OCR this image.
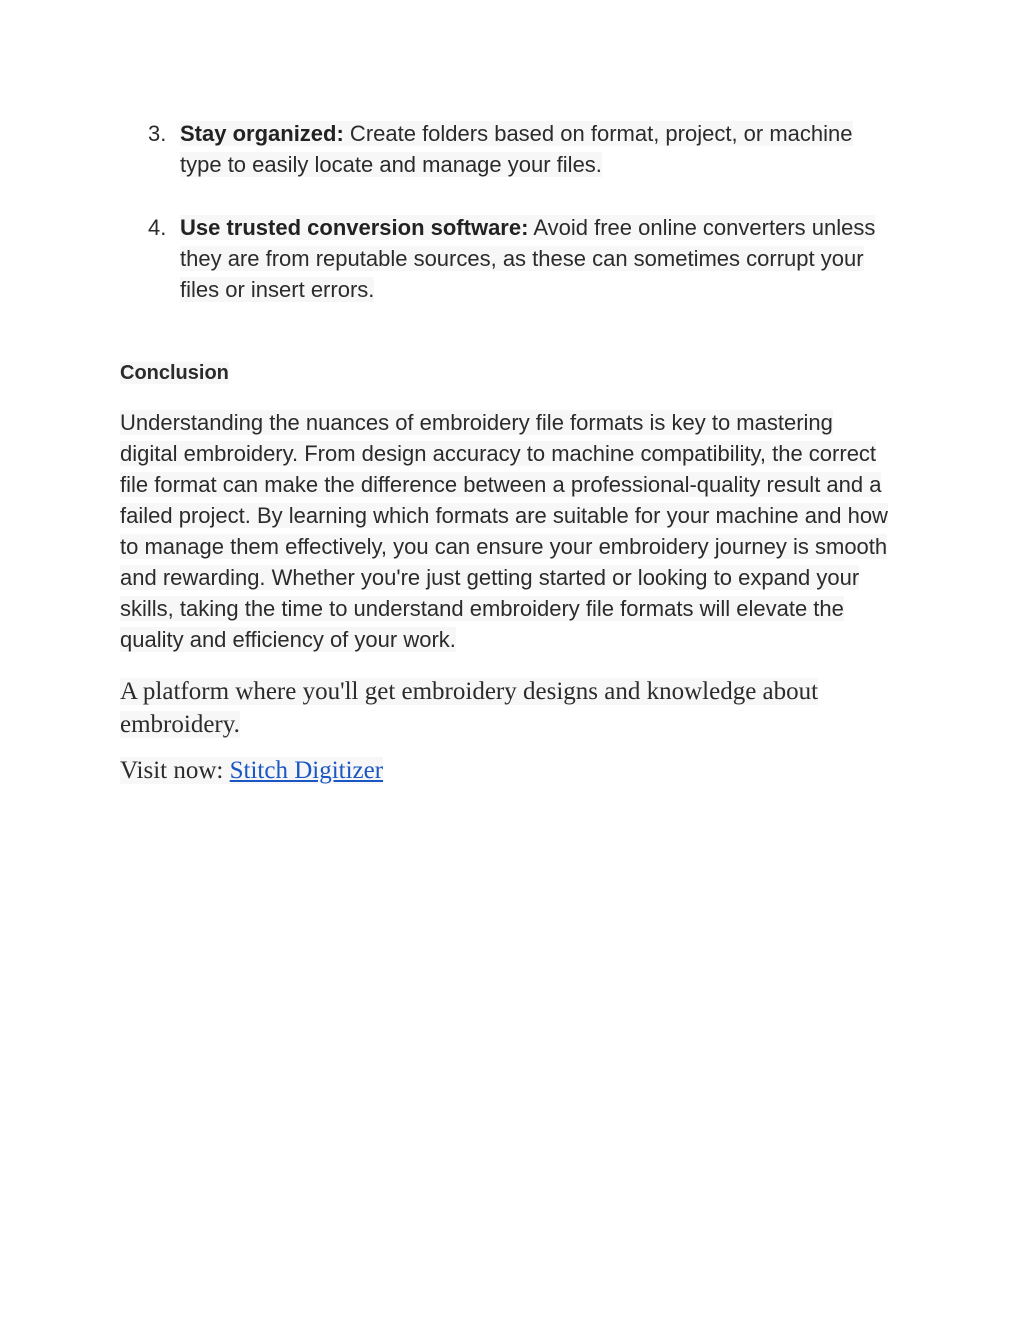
3. Stay organized: Create folders based on format, project, or machine type to easily locate and manage your files.
4. Use trusted conversion software: Avoid free online converters unless they are from reputable sources, as these can sometimes corrupt your files or insert errors.
Conclusion
Understanding the nuances of embroidery file formats is key to mastering digital embroidery. From design accuracy to machine compatibility, the correct file format can make the difference between a professional-quality result and a failed project. By learning which formats are suitable for your machine and how to manage them effectively, you can ensure your embroidery journey is smooth and rewarding. Whether you're just getting started or looking to expand your skills, taking the time to understand embroidery file formats will elevate the quality and efficiency of your work.
A platform where you'll get embroidery designs and knowledge about embroidery.
Visit now: Stitch Digitizer
